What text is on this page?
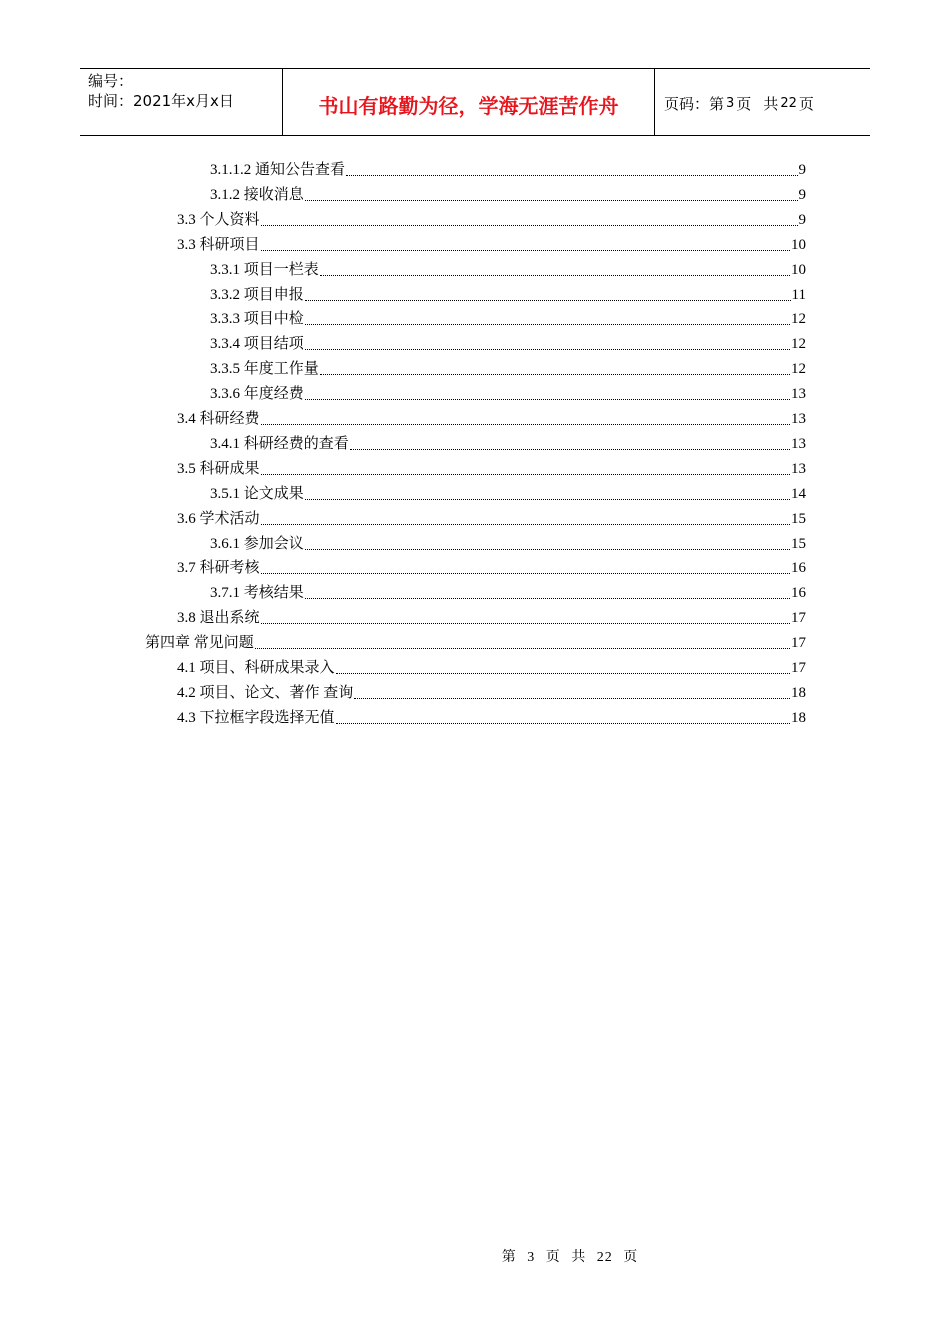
编号：
时间：2021年x月x日	书山有路勤为径，学海无涯苦作舟	页码：第 3 页 共 22 页
3.1.1.2 通知公告查看	9
3.1.2 接收消息	9
3.3 个人资料	9
3.3 科研项目	10
3.3.1 项目一栏表	10
3.3.2 项目申报	11
3.3.3 项目中检	12
3.3.4 项目结项	12
3.3.5 年度工作量	12
3.3.6 年度经费	13
3.4 科研经费	13
3.4.1 科研经费的查看	13
3.5 科研成果	13
3.5.1 论文成果	14
3.6 学术活动	15
3.6.1 参加会议	15
3.7 科研考核	16
3.7.1 考核结果	16
3.8 退出系统	17
第四章 常见问题	17
4.1 项目、科研成果录入	17
4.2 项目、论文、著作 查询	18
4.3 下拉框字段选择无值	18
第 3 页 共 22 页
